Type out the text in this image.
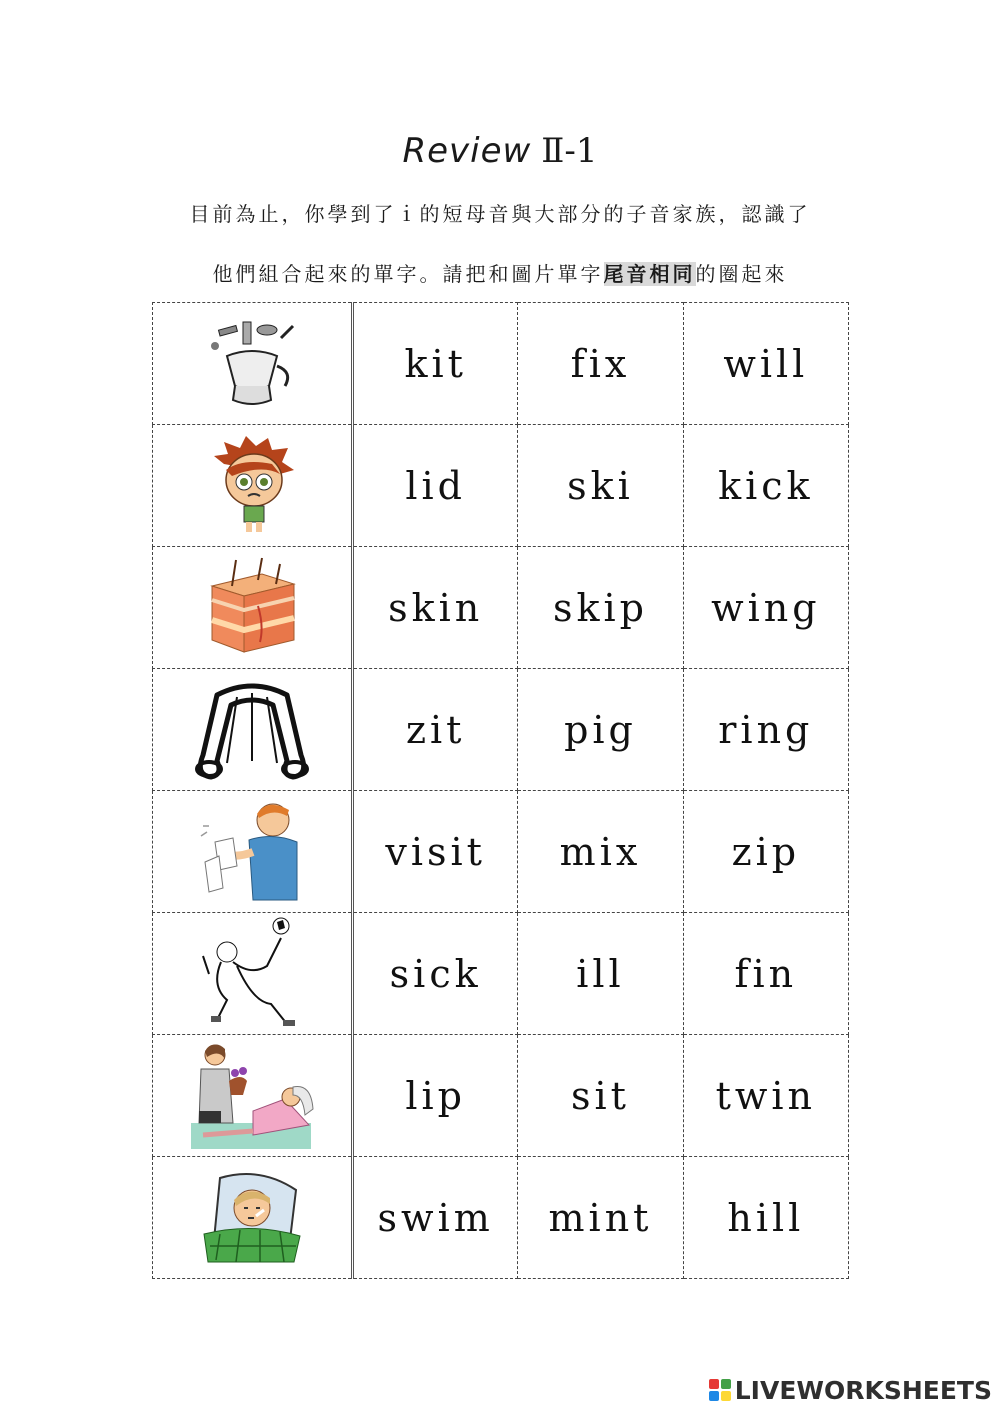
Review Ⅱ-1
目前為止，你學到了ｉ的短母音與大部分的子音家族，認識了
他們組合起來的單字。請把和圖片單字尾音相同的圈起來
	kit	fix	will

	lid	ski	kick

	skin	skip	wing

	zit	pig	ring

	visit	mix	zip

	sick	ill	fin

	lip	sit	twin

	swim	mint	hill
LIVEWORKSHEETS
